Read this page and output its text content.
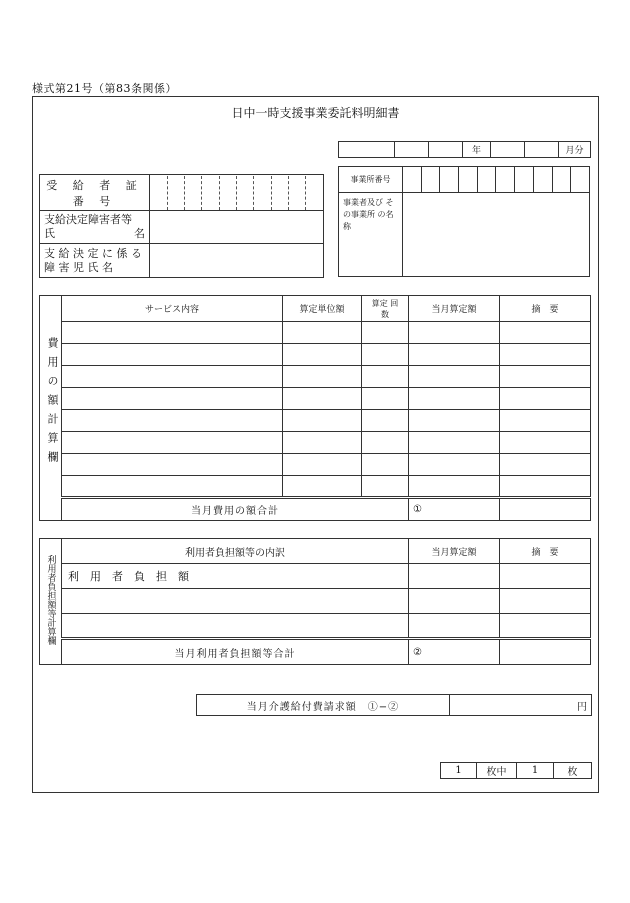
様式第21号（第83条関係）
日中一時支援事業委託料明細書
			年			月分
受 給 者 証 番 号	

支給決定障害者等
氏	名

支 給 決 定 に 係 る
障 害 児 氏 名

事業所番号										
事業者及び その事業所 の名称										
費用の額計算欄	サービス内容	算定単位額	算定 回数	当月算定額	摘　要

	当月費用の額合計			①	
利用者負担額等計算欄	利用者負担額等の内訳	当月算定額	摘　要
	利　用　者　負　担　額		

	当月利用者負担額等合計	②	
当月介護給付費請求額　①−②	円
1	枚中	1	枚
